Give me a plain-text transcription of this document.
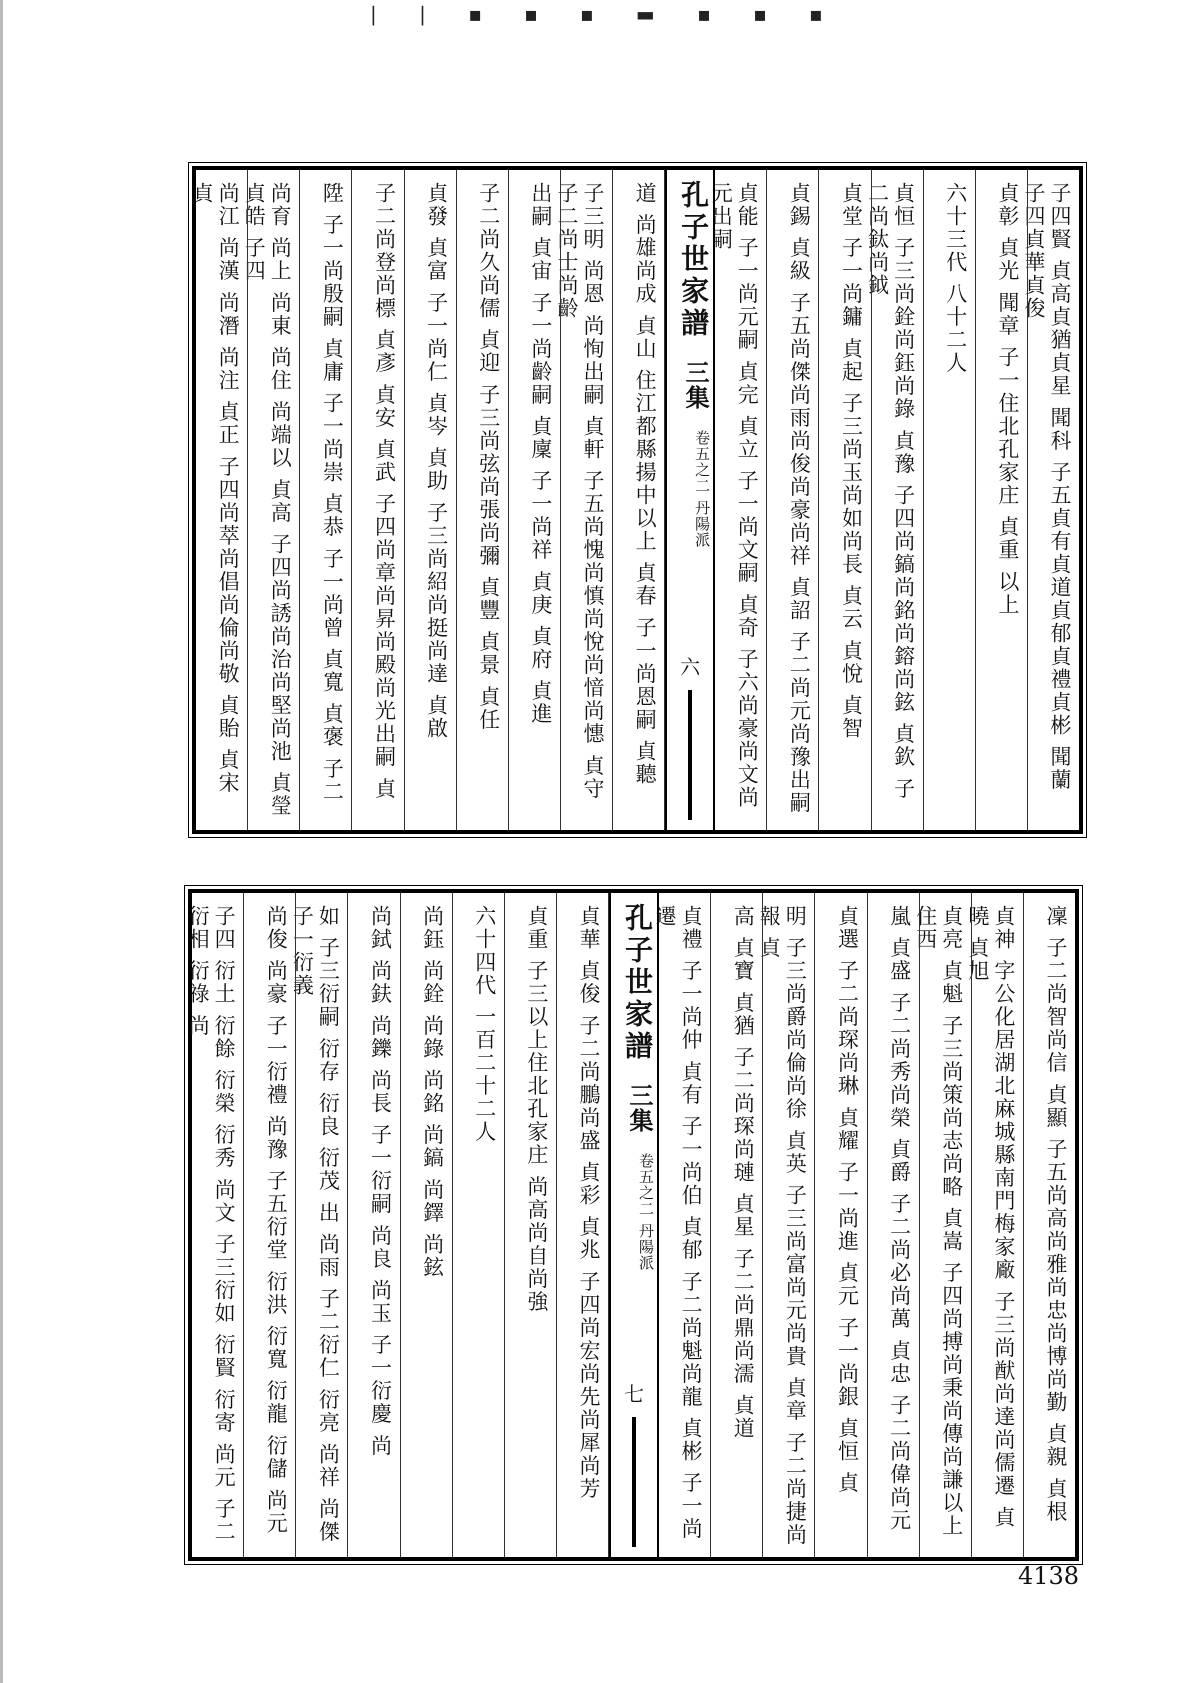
| | ▪ ▪ ▪ ▬ ▪ ▪ ▪
子四賢 貞高貞猶貞星 聞科 子五貞有貞道貞郁貞禮貞彬 聞蘭 子四貞華貞俊
貞彰 貞光 聞章 子一住北孔家庄 貞重 以上
六十三代 八十二人
貞恒 子三尚銓尚鈺尚錄 貞豫 子四尚鎬尚銘尚鎔尚鉉 貞欽 子二尚鈦尚鉞
貞堂 子一尚鏞 貞起 子三尚玉尚如尚長 貞云 貞悅 貞智
貞錫 貞級 子五尚傑尚雨尚俊尚豪尚祥 貞詔 子二尚元尚豫出嗣
貞能 子一尚元嗣 貞完 貞立 子一尚文嗣 貞奇 子六尚豪尚文尚元出嗣
孔子世家譜
三集
卷五之二 丹陽派
六
道 尚雄尚成 貞山 住江都縣揚中以上 貞春 子一尚恩嗣 貞聽
子三明 尚恩 尚恂出嗣 貞軒 子五尚愧尚慎尚悅尚愔尚憓 貞守 子二尚士尚齡
出嗣 貞宙 子一尚齡嗣 貞廩 子一尚祥 貞庚 貞府 貞進
子二尚久尚儒 貞迎 子三尚弦尚張尚彌 貞豐 貞景 貞任
貞發 貞富 子一尚仁 貞岑 貞助 子三尚紹尚挺尚達 貞啟
子二尚登尚標 貞彥 貞安 貞武 子四尚章尚昇尚殿尚光出嗣 貞
陞 子一尚殷嗣 貞庸 子一尚崇 貞恭 子一尚曾 貞寬 貞褒 子二
尚育 尚上 尚東 尚住 尚端以 貞高 子四尚誘尚治尚堅尚池 貞瑩 貞皓 子四
尚江 尚漢 尚潛 尚注 貞正 子四尚萃尚倡尚倫尚敬 貞貽 貞宋 貞
凜 子二尚智尚信 貞顯 子五尚高尚雅尚忠尚博尚勤 貞親 貞根
貞神 字公化居湖北麻城縣南門梅家廠 子三尚猷尚達尚儒遷 貞曉 貞旭
貞亮 貞魁 子三尚策尚志尚略 貞嵩 子四尚搏尚秉尚傳尚謙以上住西
嵐 貞盛 子二尚秀尚榮 貞爵 子二尚必尚萬 貞忠 子二尚偉尚元
貞選 子二尚琛尚琳 貞耀 子一尚進 貞元 子一尚銀 貞恒 貞
明 子三尚爵尚倫尚徐 貞英 子三尚富尚元尚貴 貞章 子二尚捷尚報 貞
高 貞寶 貞猶 子二尚琛尚璉 貞星 子二尚鼎尚濡 貞道
貞禮 子一尚仲 貞有 子一尚伯 貞郁 子二尚魁尚龍 貞彬 子一尚遷
孔子世家譜
三集
卷五之二 丹陽派
七
貞華 貞俊 子二尚鵬尚盛 貞彩 貞兆 子四尚宏尚先尚犀尚芳
貞重 子三以上住北孔家庄 尚高尚自尚強
六十四代 一百二十二人
尚鈺 尚銓 尚錄 尚銘 尚鎬 尚鐸 尚鉉
尚鉽 尚鈇 尚鑠 尚長 子一衍嗣 尚良 尚玉 子一衍慶 尚
如 子三衍嗣 衍存 衍良 衍茂 出 尚雨 子二衍仁 衍亮 尚祥 尚傑 子一衍義
尚俊 尚豪 子一衍禮 尚豫 子五衍堂 衍洪 衍寬 衍龍 衍儲 尚元
子四 衍土 衍餘 衍榮 衍秀 尚文 子三衍如 衍賢 衍寄 尚元 子二衍相 衍祿 尚
4138
